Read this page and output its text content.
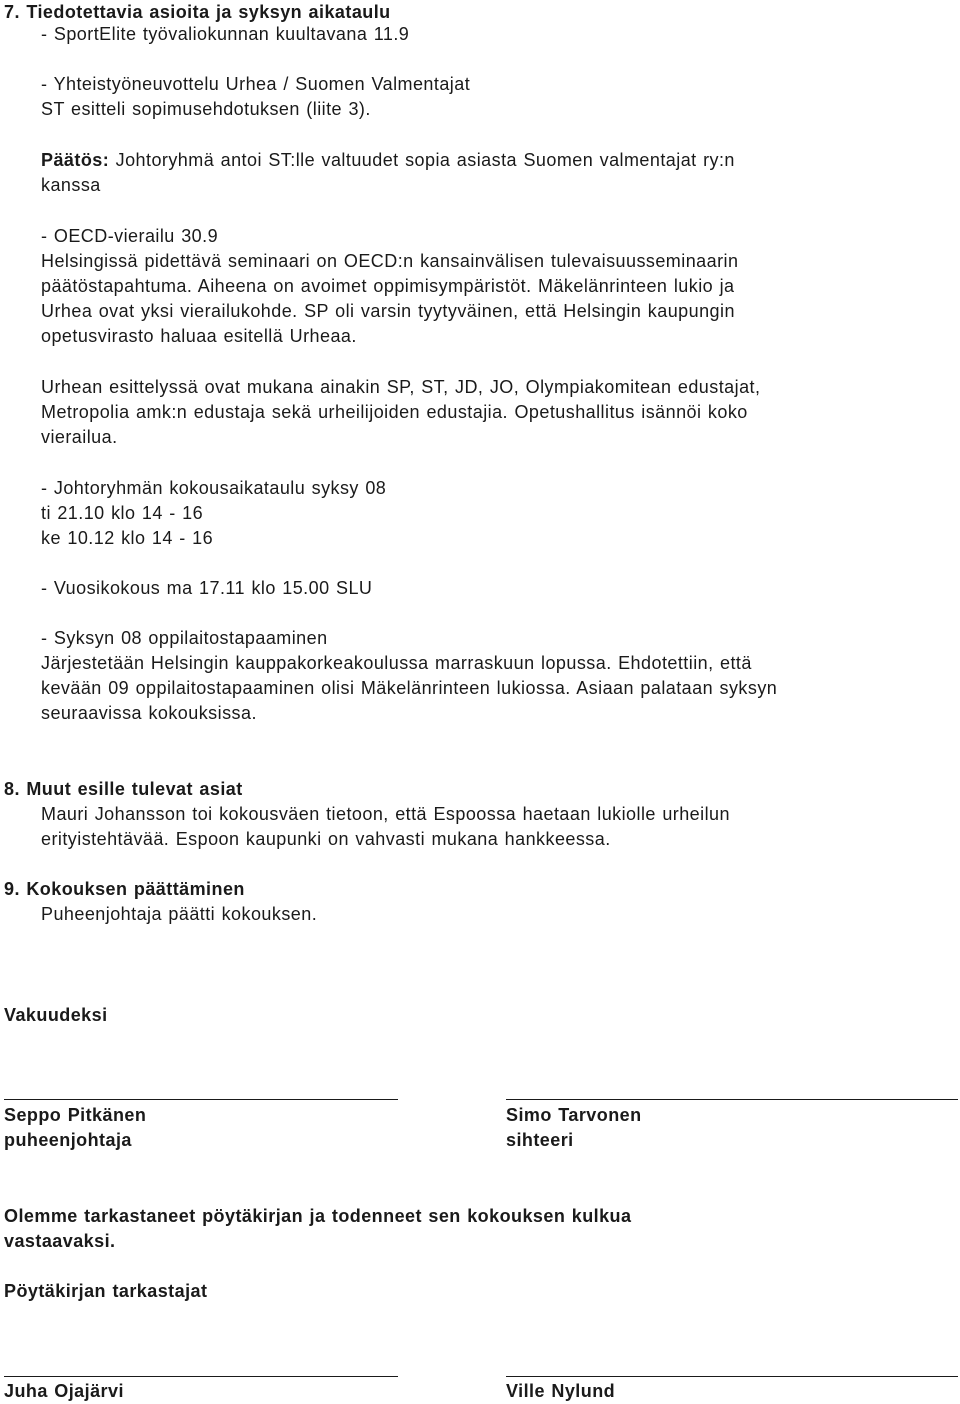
7. Tiedotettavia asioita ja syksyn aikataulu
- SportElite työvaliokunnan kuultavana 11.9
- Yhteistyöneuvottelu Urhea / Suomen Valmentajat
ST esitteli sopimusehdotuksen (liite 3).
Päätös: Johtoryhmä antoi ST:lle valtuudet sopia asiasta Suomen valmentajat ry:n
kanssa
- OECD-vierailu 30.9
Helsingissä pidettävä seminaari on OECD:n kansainvälisen tulevaisuusseminaarin
päätöstapahtuma. Aiheena on avoimet oppimisympäristöt. Mäkelänrinteen lukio ja
Urhea ovat yksi vierailukohde. SP oli varsin tyytyväinen, että Helsingin kaupungin
opetusvirasto haluaa esitellä Urheaa.
Urhean esittelyssä ovat mukana ainakin SP, ST, JD, JO, Olympiakomitean edustajat,
Metropolia amk:n edustaja sekä urheilijoiden edustajia. Opetushallitus isännöi koko
vierailua.
- Johtoryhmän kokousaikataulu syksy 08
ti 21.10 klo 14 - 16
ke 10.12 klo 14 - 16
- Vuosikokous ma 17.11 klo 15.00 SLU
- Syksyn 08 oppilaitostapaaminen
Järjestetään Helsingin kauppakorkeakoulussa marraskuun lopussa. Ehdotettiin, että
kevään 09 oppilaitostapaaminen olisi Mäkelänrinteen lukiossa. Asiaan palataan syksyn
seuraavissa kokouksissa.
8. Muut esille tulevat asiat
Mauri Johansson toi kokousväen tietoon, että Espoossa haetaan lukiolle urheilun
erityistehtävää. Espoon kaupunki on vahvasti mukana hankkeessa.
9. Kokouksen päättäminen
Puheenjohtaja päätti kokouksen.
Vakuudeksi
Seppo Pitkänen
puheenjohtaja
Simo Tarvonen
sihteeri
Olemme tarkastaneet pöytäkirjan ja todenneet sen kokouksen kulkua
vastaavaksi.
Pöytäkirjan tarkastajat
Juha Ojajärvi	Ville Nylund
